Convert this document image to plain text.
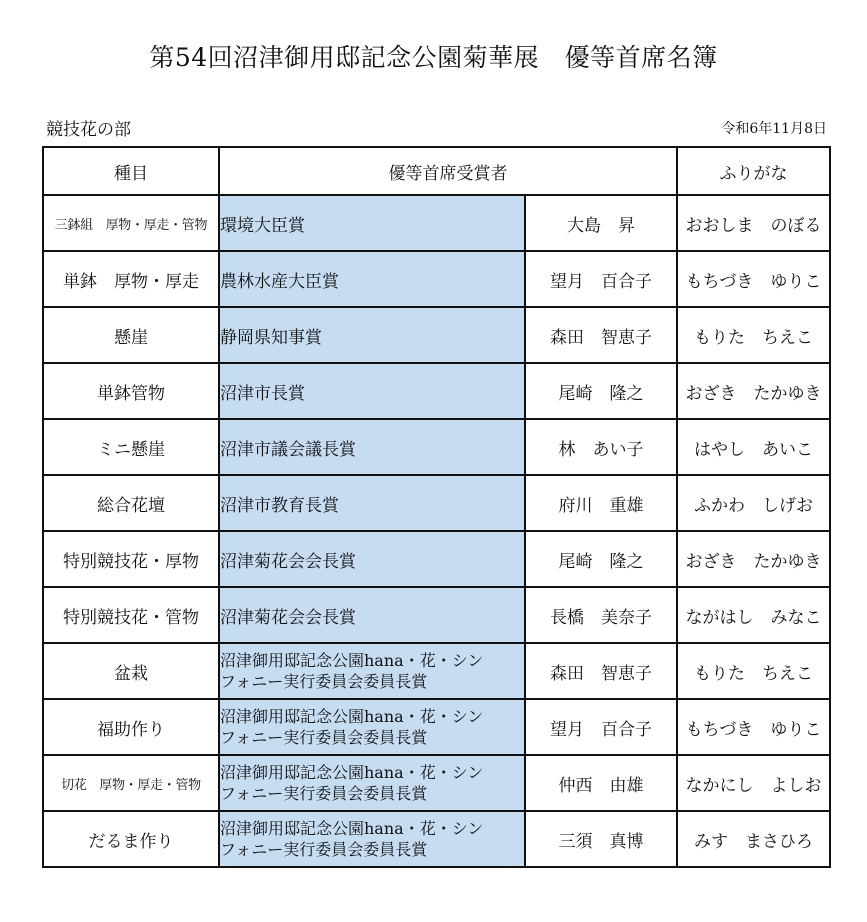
第54回沼津御用邸記念公園菊華展　優等首席名簿
競技花の部	令和6年11月8日
種目	優等首席受賞者		ふりがな
三鉢組　厚物・厚走・管物	環境大臣賞	大島　昇	おおしま　のぼる
単鉢　厚物・厚走	農林水産大臣賞	望月　百合子	もちづき　ゆりこ
懸崖	静岡県知事賞	森田　智恵子	もりた　ちえこ
単鉢管物	沼津市長賞	尾崎　隆之	おざき　たかゆき
ミニ懸崖	沼津市議会議長賞	林　あい子	はやし　あいこ
総合花壇	沼津市教育長賞	府川　重雄	ふかわ　しげお
特別競技花・厚物	沼津菊花会会長賞	尾崎　隆之	おざき　たかゆき
特別競技花・管物	沼津菊花会会長賞	長橋　美奈子	ながはし　みなこ
盆栽	沼津御用邸記念公園hana・花・シン
フォニー実行委員会委員長賞	森田　智恵子	もりた　ちえこ
福助作り	沼津御用邸記念公園hana・花・シン
フォニー実行委員会委員長賞	望月　百合子	もちづき　ゆりこ
切花　厚物・厚走・管物	沼津御用邸記念公園hana・花・シン
フォニー実行委員会委員長賞	仲西　由雄	なかにし　よしお
だるま作り	沼津御用邸記念公園hana・花・シン
フォニー実行委員会委員長賞	三須　真博	みす　まさひろ
